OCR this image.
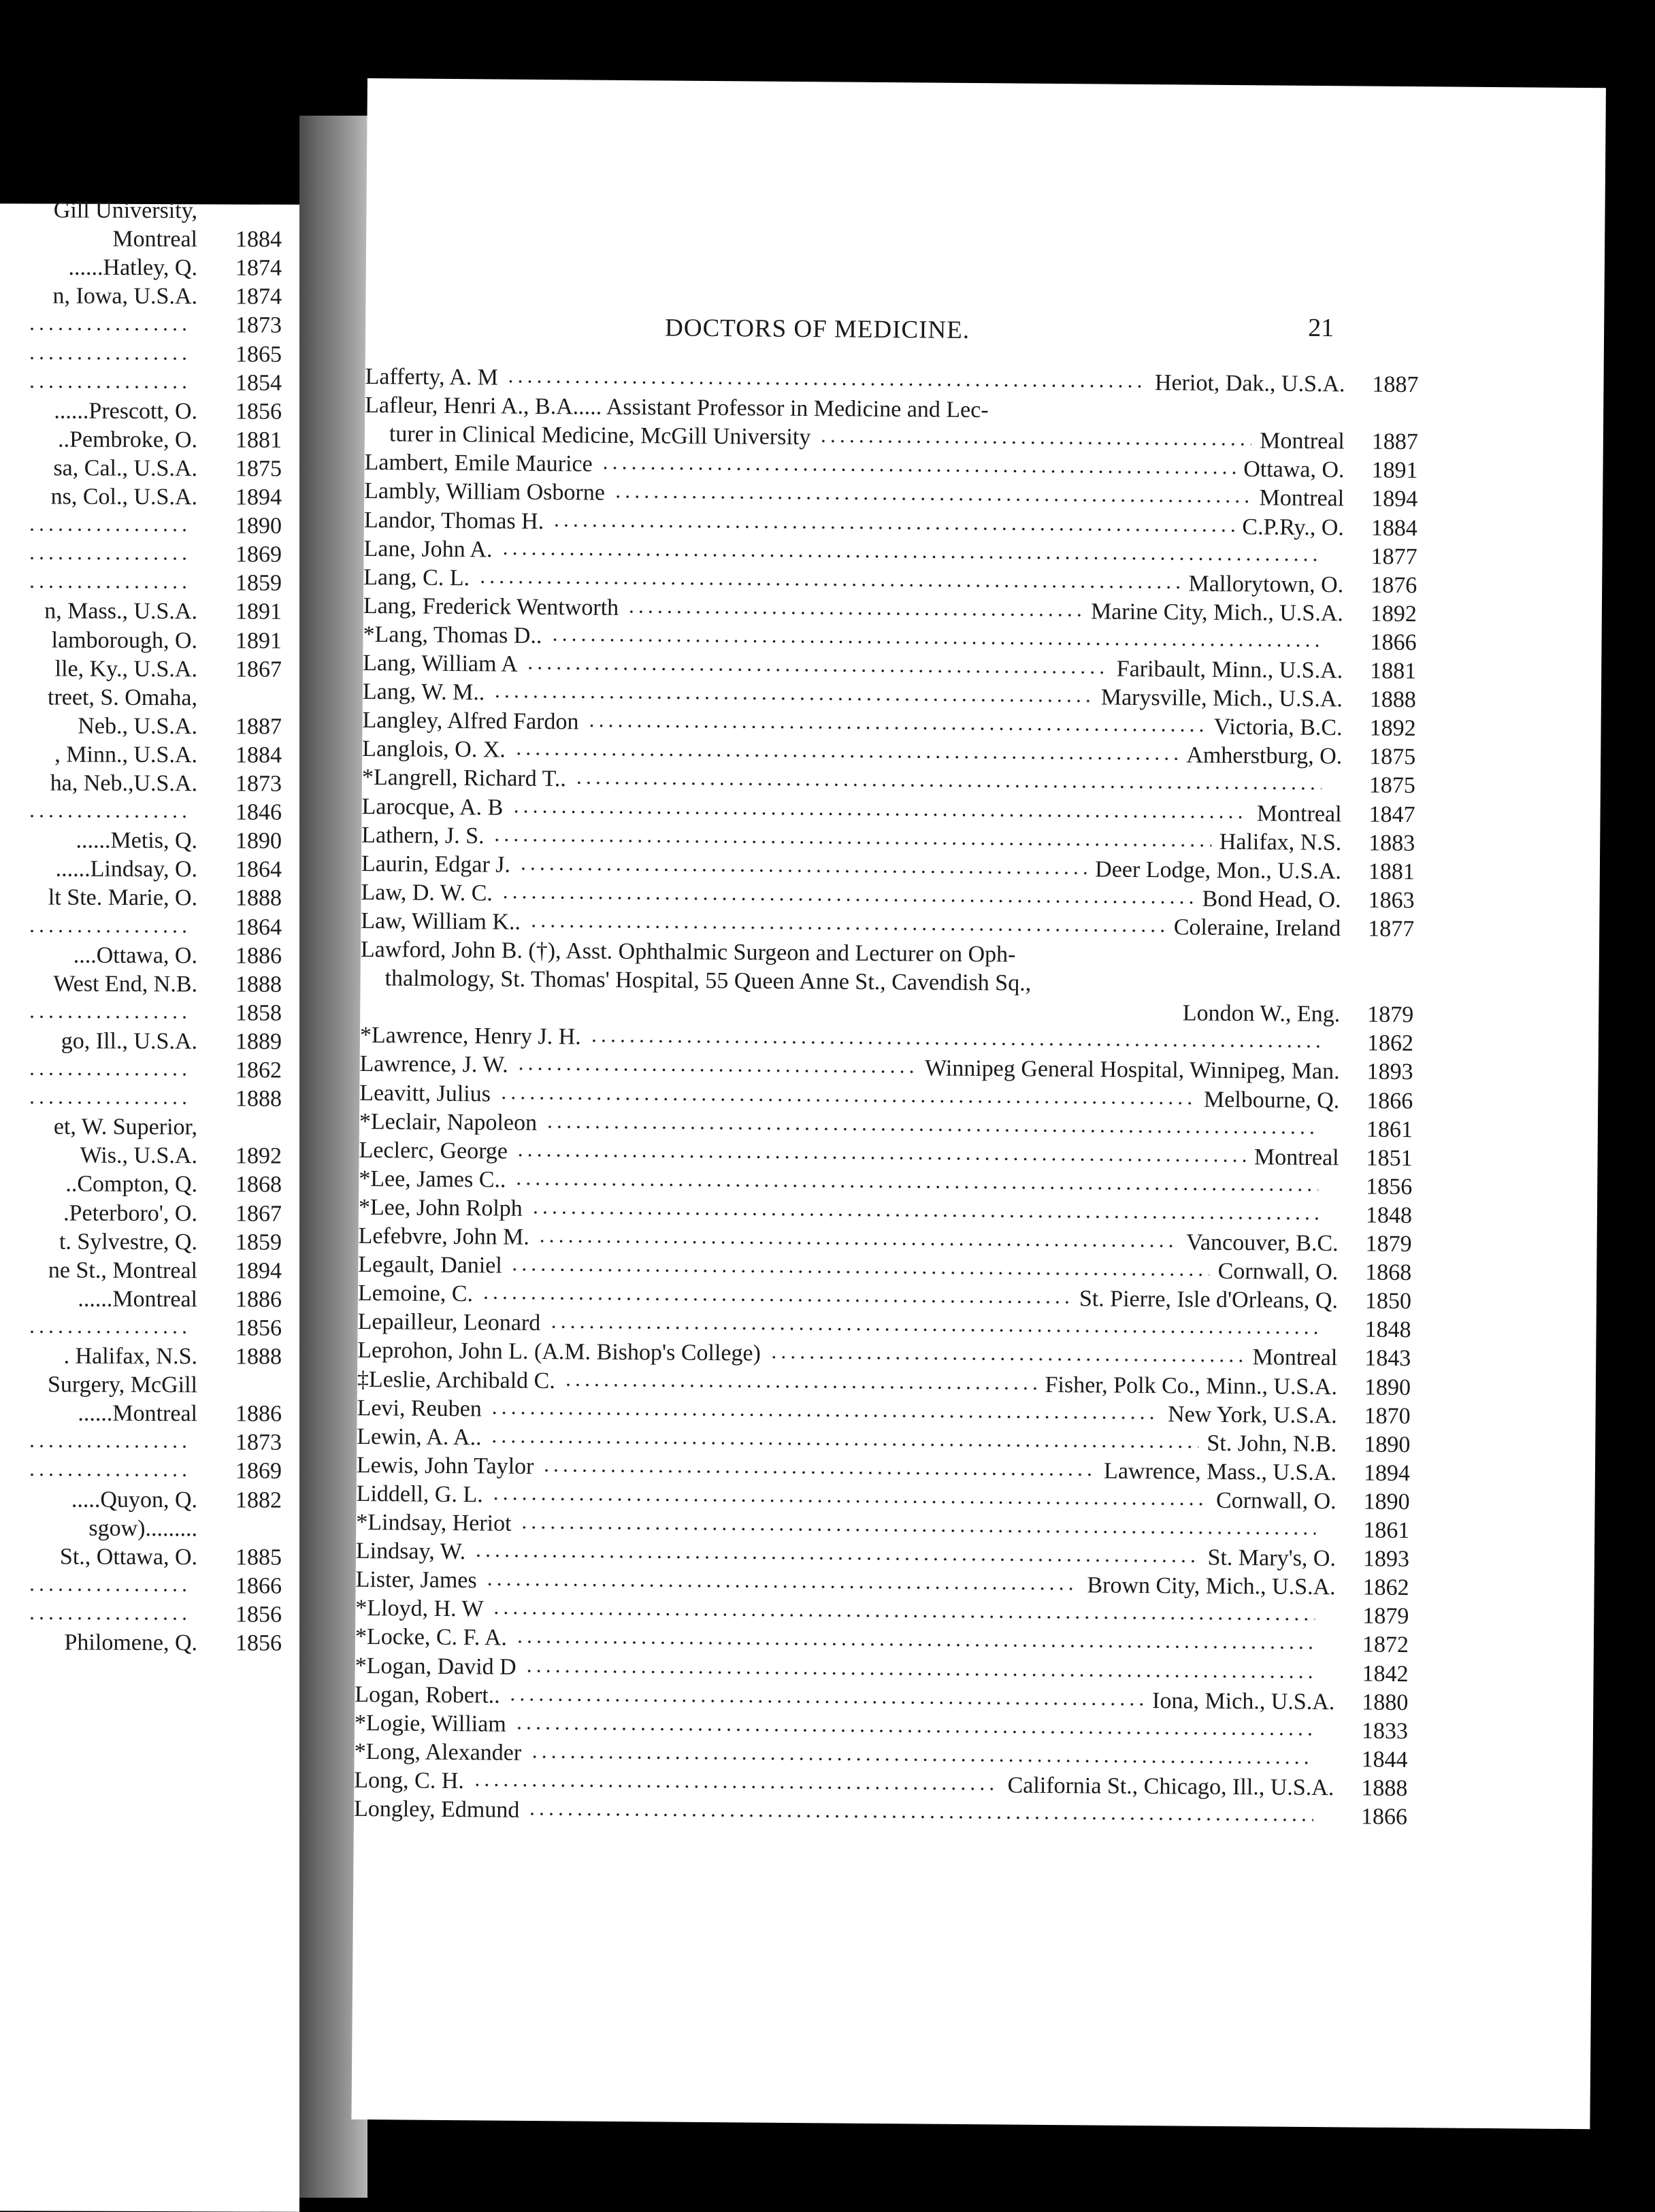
Gill University,
Montreal	1884
......Hatley, Q.	1874
n, Iowa, U.S.A.	1874
1873
1865
1854
......Prescott, O.	1856
..Pembroke, O.	1881
sa, Cal., U.S.A.	1875
ns, Col., U.S.A.	1894
1890
1869
1859
n, Mass., U.S.A.	1891
lamborough, O.	1891
lle, Ky., U.S.A.	1867
treet, S. Omaha,
Neb., U.S.A.	1887
, Minn., U.S.A.	1884
ha, Neb.,U.S.A.	1873
1846
......Metis, Q.	1890
......Lindsay, O.	1864
lt Ste. Marie, O.	1888
1864
....Ottawa, O.	1886
West End, N.B.	1888
1858
go, Ill., U.S.A.	1889
1862
1888
et, W. Superior,
Wis., U.S.A.	1892
..Compton, Q.	1868
.Peterboro', O.	1867
t. Sylvestre, Q.	1859
ne St., Montreal	1894
......Montreal	1886
1856
. Halifax, N.S.	1888
Surgery, McGill
......Montreal	1886
1873
1869
.....Quyon, Q.	1882
sgow).........
St., Ottawa, O.	1885
1866
1856
Philomene, Q.	1856
DOCTORS OF MEDICINE.	21
Lafferty, A. M	Heriot, Dak., U.S.A. 1887
Lafleur, Henri A., B.A..... Assistant Professor in Medicine and Lec-
turer in Clinical Medicine, McGill University	Montreal 1887
Lambert, Emile Maurice	Ottawa, O. 1891
Lambly, William Osborne	Montreal 1894
Landor, Thomas H.	C.P.Ry., O. 1884
Lane, John A.	1877
Lang, C. L.	Mallorytown, O. 1876
Lang, Frederick Wentworth	Marine City, Mich., U.S.A. 1892
*Lang, Thomas D..	1866
Lang, William A	Faribault, Minn., U.S.A. 1881
Lang, W. M..	Marysville, Mich., U.S.A. 1888
Langley, Alfred Fardon	Victoria, B.C. 1892
Langlois, O. X.	Amherstburg, O. 1875
*Langrell, Richard T..	1875
Larocque, A. B	Montreal 1847
Lathern, J. S.	Halifax, N.S. 1883
Laurin, Edgar J.	Deer Lodge, Mon., U.S.A. 1881
Law, D. W. C.	Bond Head, O. 1863
Law, William K..	Coleraine, Ireland 1877
Lawford, John B. (†), Asst. Ophthalmic Surgeon and Lecturer on Oph-
thalmology, St. Thomas' Hospital, 55 Queen Anne St., Cavendish Sq.,
London W., Eng. 1879
*Lawrence, Henry J. H.	1862
Lawrence, J. W.	Winnipeg General Hospital, Winnipeg, Man. 1893
Leavitt, Julius	Melbourne, Q. 1866
*Leclair, Napoleon	1861
Leclerc, George	Montreal 1851
*Lee, James C..	1856
*Lee, John Rolph	1848
Lefebvre, John M.	Vancouver, B.C. 1879
Legault, Daniel	Cornwall, O. 1868
Lemoine, C.	St. Pierre, Isle d'Orleans, Q. 1850
Lepailleur, Leonard	1848
Leprohon, John L. (A.M. Bishop's College)	Montreal 1843
‡Leslie, Archibald C.	Fisher, Polk Co., Minn., U.S.A. 1890
Levi, Reuben	New York, U.S.A. 1870
Lewin, A. A..	St. John, N.B. 1890
Lewis, John Taylor	Lawrence, Mass., U.S.A. 1894
Liddell, G. L.	Cornwall, O. 1890
*Lindsay, Heriot	1861
Lindsay, W.	St. Mary's, O. 1893
Lister, James	Brown City, Mich., U.S.A. 1862
*Lloyd, H. W	1879
*Locke, C. F. A.	1872
*Logan, David D	1842
Logan, Robert..	Iona, Mich., U.S.A. 1880
*Logie, William	1833
*Long, Alexander	1844
Long, C. H.	California St., Chicago, Ill., U.S.A. 1888
Longley, Edmund	1866
